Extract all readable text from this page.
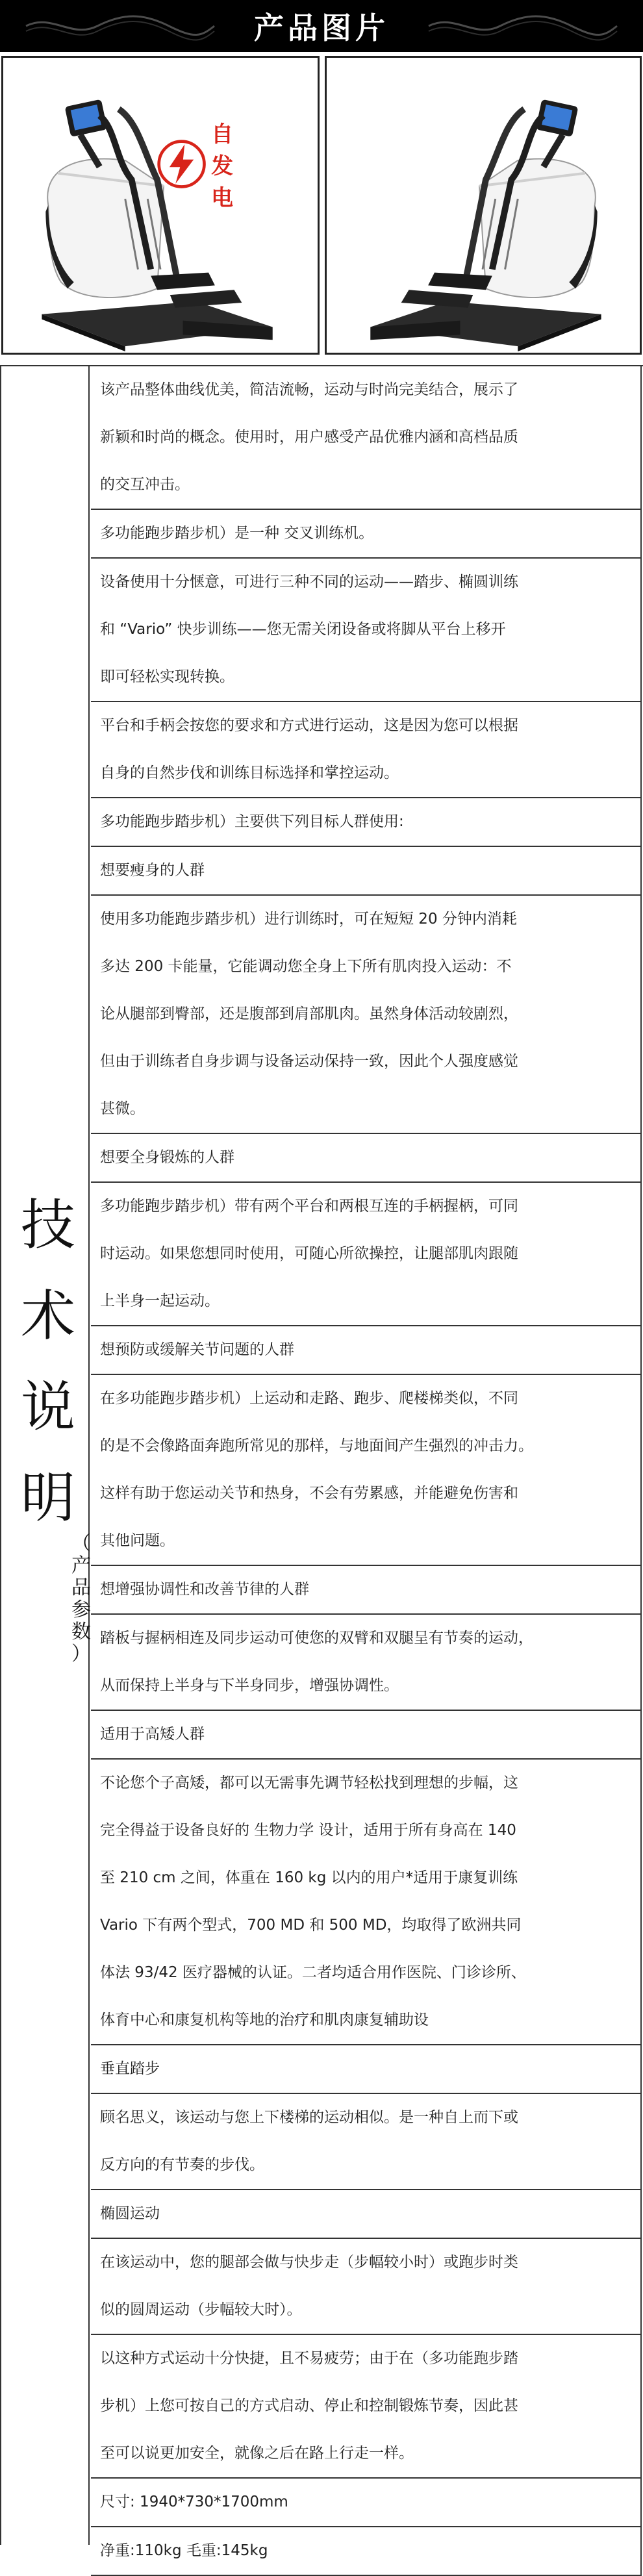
产品图片
自发电
技
术
说
明
（
产
品
参
数
）
该产品整体曲线优美，简洁流畅，运动与时尚完美结合，展示了
新颖和时尚的概念。使用时，用户感受产品优雅内涵和高档品质
的交互冲击。
多功能跑步踏步机）是一种 交叉训练机。
设备使用十分惬意，可进行三种不同的运动——踏步、椭圆训练
和 “Vario” 快步训练——您无需关闭设备或将脚从平台上移开
即可轻松实现转换。
平台和手柄会按您的要求和方式进行运动，这是因为您可以根据
自身的自然步伐和训练目标选择和掌控运动。
多功能跑步踏步机）主要供下列目标人群使用:
想要瘦身的人群
使用多功能跑步踏步机）进行训练时，可在短短 20 分钟内消耗
多达 200 卡能量，它能调动您全身上下所有肌肉投入运动：不
论从腿部到臀部，还是腹部到肩部肌肉。虽然身体活动较剧烈，
但由于训练者自身步调与设备运动保持一致，因此个人强度感觉
甚微。
想要全身锻炼的人群
多功能跑步踏步机）带有两个平台和两根互连的手柄握柄，可同
时运动。如果您想同时使用，可随心所欲操控，让腿部肌肉跟随
上半身一起运动。
想预防或缓解关节问题的人群
在多功能跑步踏步机）上运动和走路、跑步、爬楼梯类似，不同
的是不会像路面奔跑所常见的那样，与地面间产生强烈的冲击力。
这样有助于您运动关节和热身，不会有劳累感，并能避免伤害和
其他问题。
想增强协调性和改善节律的人群
踏板与握柄相连及同步运动可使您的双臂和双腿呈有节奏的运动，
从而保持上半身与下半身同步，增强协调性。
适用于高矮人群
不论您个子高矮，都可以无需事先调节轻松找到理想的步幅，这
完全得益于设备良好的 生物力学 设计，适用于所有身高在 140
至 210 cm 之间，体重在 160 kg 以内的用户*适用于康复训练
Vario 下有两个型式，700 MD 和 500 MD，均取得了欧洲共同
体法 93/42 医疗器械的认证。二者均适合用作医院、门诊诊所、
体育中心和康复机构等地的治疗和肌肉康复辅助设
垂直踏步
顾名思义，该运动与您上下楼梯的运动相似。是一种自上而下或
反方向的有节奏的步伐。
椭圆运动
在该运动中，您的腿部会做与快步走（步幅较小时）或跑步时类
似的圆周运动（步幅较大时）。
以这种方式运动十分快捷，且不易疲劳；由于在（多功能跑步踏
步机）上您可按自己的方式启动、停止和控制锻炼节奏，因此甚
至可以说更加安全，就像之后在路上行走一样。
尺寸: 1940*730*1700mm
净重:110kg 毛重:145kg
